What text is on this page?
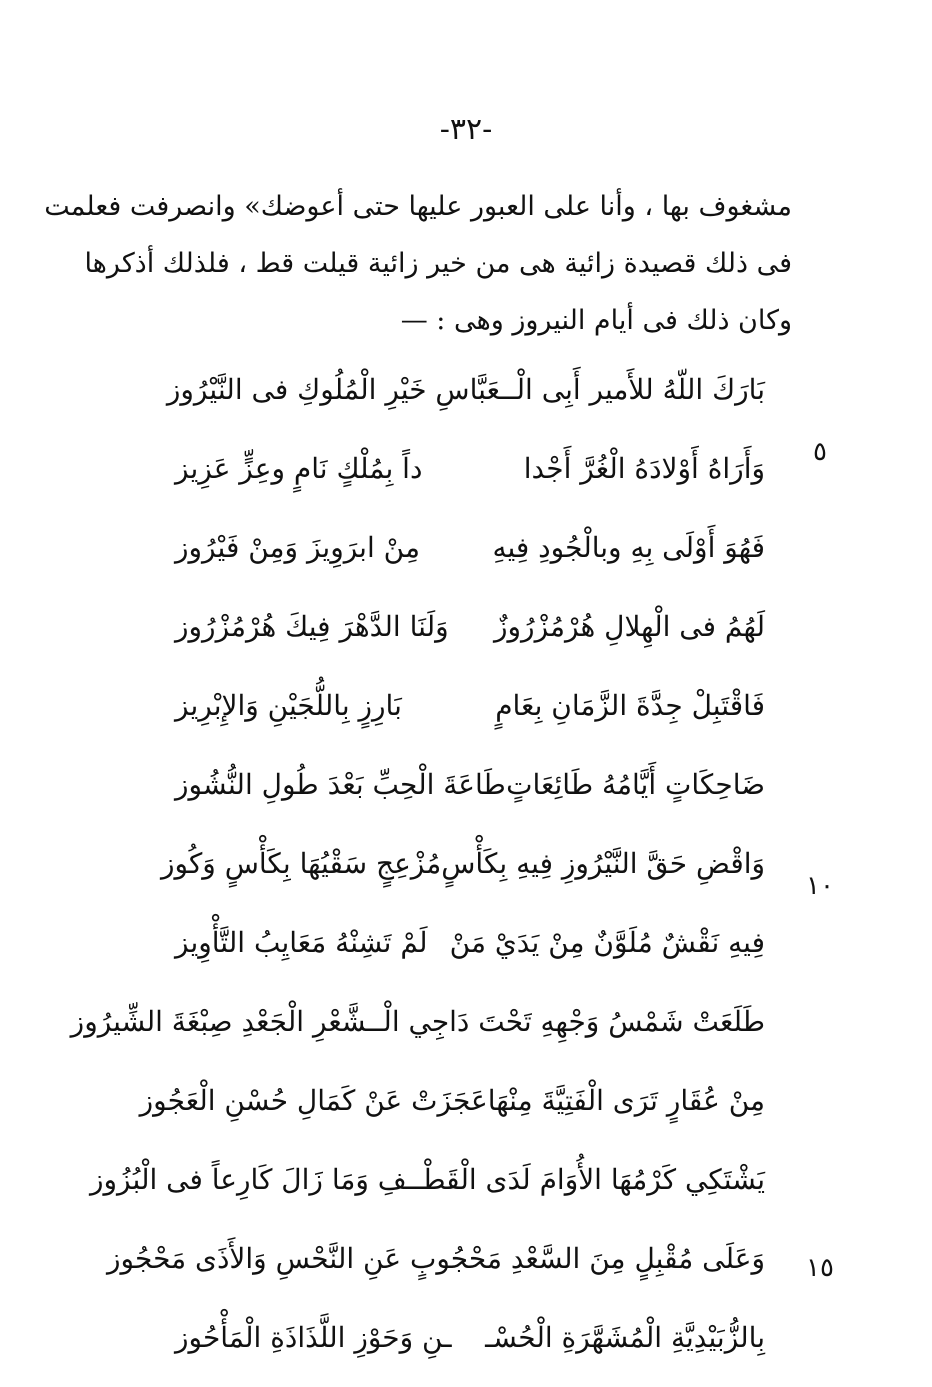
-٣٢-
مشغوف بها ، وأنا على العبور عليها حتى أعوضك» وانصرفت فعلمت
فى ذلك قصيدة زائية هى من خير زائية قيلت قط ، فلذلك أذكرها
وكان ذلك فى أيام النيروز وهى : —
بَارَكَ اللّهُ للأَمير أَبِى الْـ
ـعَبَّاسِ خَيْرِ الْمُلُوكِ فى النَّيْرُوز
وَأَرَاهُ أَوْلادَهُ الْغُرَّ أَجْدا
داً بِمُلْكٍ نَامٍ وعِزٍّ عَزِيز
فَهُوَ أَوْلَى بِهِ وبالْجُودِ فِيهِ
مِنْ ابرَوِيزَ وَمِنْ فَيْرُوز
لَهُمُ فى الْهِلالِ هُرْمُزْرُوزٌ
وَلَنَا الدَّهْرَ فِيكَ هُرْمُزْرُوز
فَاقْتَبِلْ جِدَّةَ الزَّمَانِ بِعَامٍ
بَارِزٍ بِاللُّجَيْنِ وَالإِبْرِيز
ضَاحِكَاتٍ أَيَّامُهُ طَائِعَاتٍ
طَاعَةَ الْحِبِّ بَعْدَ طُولِ النُّشُوز
وَاقْضِ حَقَّ النَّيْرُوزِ فِيهِ بِكَأْسٍ
مُزْعِجٍ سَقْيُهَا بِكَأْسٍ وَكُوز
فِيهِ نَقْشٌ مُلَوَّنٌ مِنْ يَدَيْ مَنْ
لَمْ تَشِنْهُ مَعَايِبُ التَّأْوِيز
طَلَعَتْ شَمْسُ وَجْهِهِ تَحْتَ دَاجِي الْـ
ـشَّعْرِ الْجَعْدِ صِبْغَةَ الشِّيرُوز
مِنْ عُقَارٍ تَرَى الْفَتِيَّةَ مِنْهَا
عَجَزَتْ عَنْ كَمَالِ حُسْنِ الْعَجُوز
يَشْتَكِي كَرْمُهَا الأُوَامَ لَدَى الْقَطْـ
ـفِ وَمَا زَالَ كَارِعاً فى الْبُزُوز
وَعَلَى مُقْبِلٍ مِنَ السَّعْدِ مَحْجُو
بٍ عَنِ النَّحْسِ وَالأَذَى مَحْجُوز
بِالزُّبَيْدِيَّةِ الْمُشَهَّرَةِ الْحُسْـ
ـنِ وَحَوْزِ اللَّذَاذَةِ الْمَأْحُوز
٥
١٠
١٥
